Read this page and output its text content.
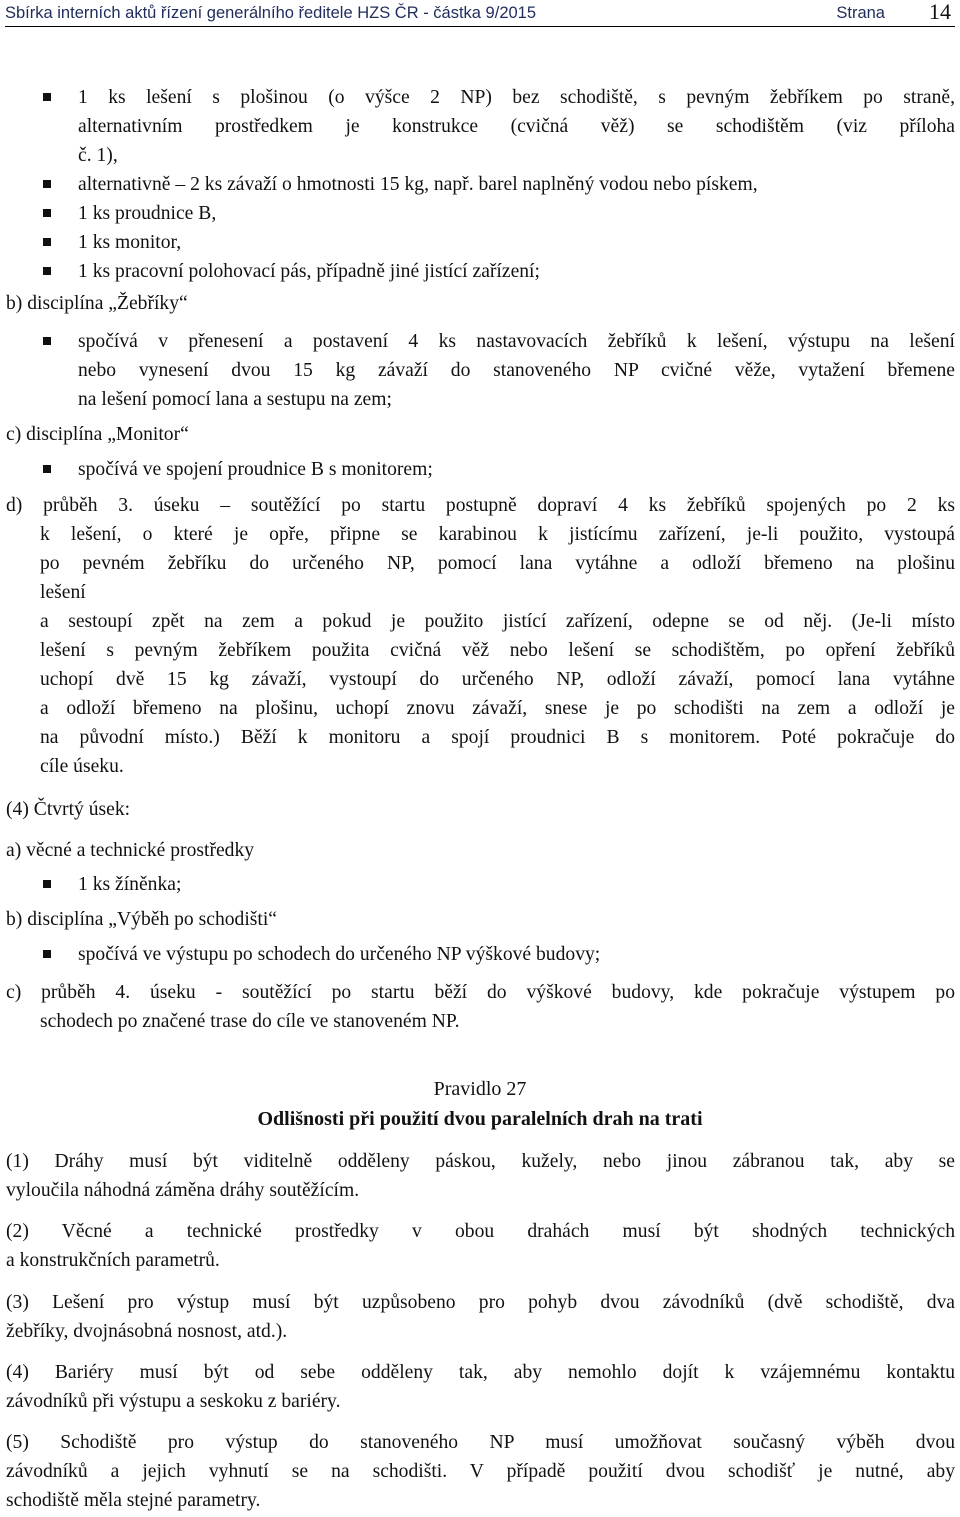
Sbírka interních aktů řízení generálního ředitele HZS ČR - částka 9/2015	Strana 14
1 ks lešení s plošinou (o výšce 2 NP) bez schodiště, s pevným žebříkem po straně,
alternativním prostředkem je konstrukce (cvičná věž) se schodištěm (viz příloha
č. 1),
alternativně – 2 ks závaží o hmotnosti 15 kg, např. barel naplněný vodou nebo pískem,
1 ks proudnice B,
1 ks monitor,
1 ks pracovní polohovací pás, případně jiné jistící zařízení;
b) disciplína „Žebříky“
spočívá v přenesení a postavení 4 ks nastavovacích žebříků k lešení, výstupu na lešení
nebo vynesení dvou 15 kg závaží do stanoveného NP cvičné věže, vytažení břemene
na lešení pomocí lana a sestupu na zem;
c) disciplína „Monitor“
spočívá ve spojení proudnice B s monitorem;
d) průběh 3. úseku – soutěžící po startu postupně dopraví 4 ks žebříků spojených po 2 ks
k lešení, o které je opře, připne se karabinou k jistícímu zařízení, je-li použito, vystoupá
po pevném žebříku do určeného NP, pomocí lana vytáhne a odloží břemeno na plošinu
lešení
a sestoupí zpět na zem a pokud je použito jistící zařízení, odepne se od něj. (Je-li místo
lešení s pevným žebříkem použita cvičná věž nebo lešení se schodištěm, po opření žebříků
uchopí dvě 15 kg závaží, vystoupí do určeného NP, odloží závaží, pomocí lana vytáhne
a odloží břemeno na plošinu, uchopí znovu závaží, snese je po schodišti na zem a odloží je
na původní místo.) Běží k monitoru a spojí proudnici B s monitorem. Poté pokračuje do
cíle úseku.
(4) Čtvrtý úsek:
a) věcné a technické prostředky
1 ks žíněnka;
b) disciplína „Výběh po schodišti“
spočívá ve výstupu po schodech do určeného NP výškové budovy;
c) průběh 4. úseku - soutěžící po startu běží do výškové budovy, kde pokračuje výstupem po
schodech po značené trase do cíle ve stanoveném NP.
Pravidlo 27
Odlišnosti při použití dvou paralelních drah na trati
(1) Dráhy musí být viditelně odděleny páskou, kužely, nebo jinou zábranou tak, aby se
vyloučila náhodná záměna dráhy soutěžícím.
(2) Věcné a technické prostředky v obou drahách musí být shodných technických
a konstrukčních parametrů.
(3) Lešení pro výstup musí být uzpůsobeno pro pohyb dvou závodníků (dvě schodiště, dva
žebříky, dvojnásobná nosnost, atd.).
(4) Bariéry musí být od sebe odděleny tak, aby nemohlo dojít k vzájemnému kontaktu
závodníků při výstupu a seskoku z bariéry.
(5) Schodiště pro výstup do stanoveného NP musí umožňovat současný výběh dvou
závodníků a jejich vyhnutí se na schodišti. V případě použití dvou schodišť je nutné, aby
schodiště měla stejné parametry.
